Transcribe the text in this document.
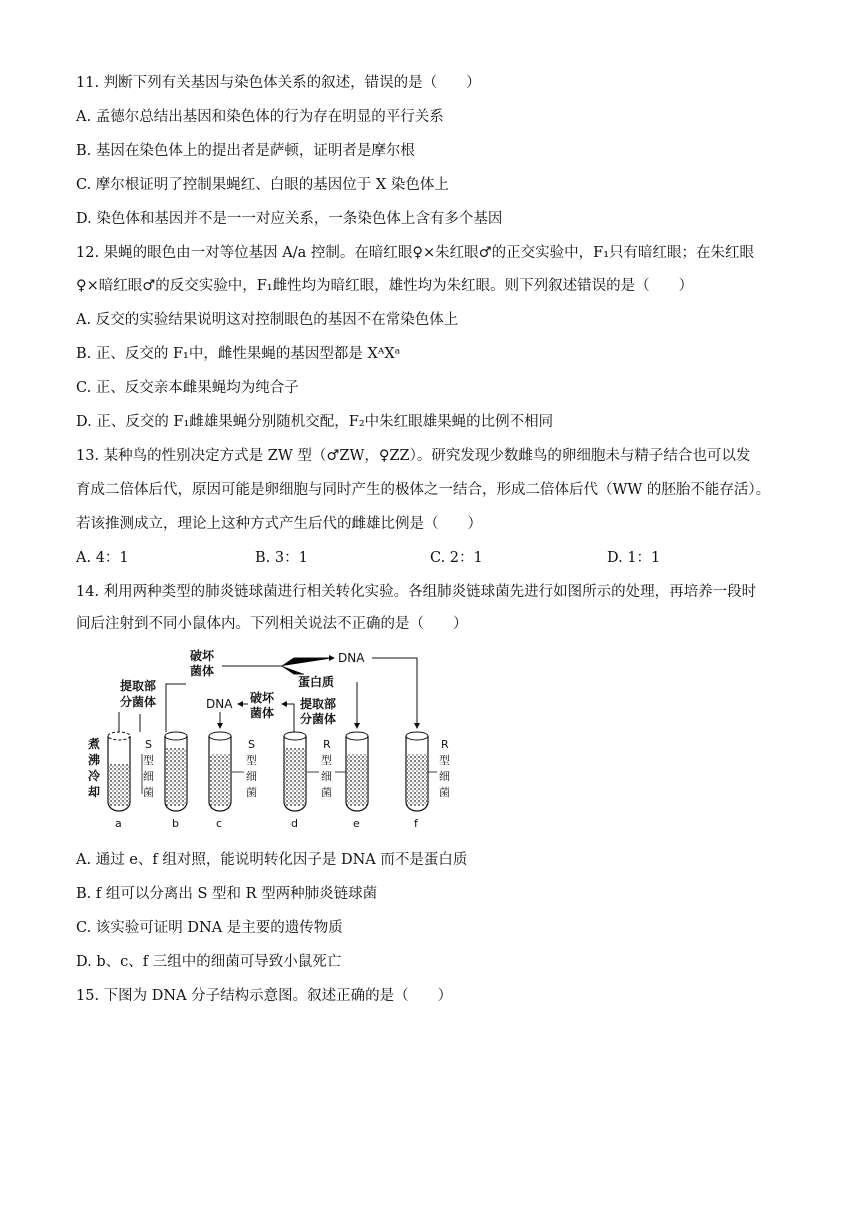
11. 判断下列有关基因与染色体关系的叙述，错误的是（　　）
A. 孟德尔总结出基因和染色体的行为存在明显的平行关系
B. 基因在染色体上的提出者是萨顿，证明者是摩尔根
C. 摩尔根证明了控制果蝇红、白眼的基因位于 X 染色体上
D. 染色体和基因并不是一一对应关系，一条染色体上含有多个基因
12. 果蝇的眼色由一对等位基因 A/a 控制。在暗红眼♀×朱红眼♂的正交实验中，F₁只有暗红眼；在朱红眼
♀×暗红眼♂的反交实验中，F₁雌性均为暗红眼，雄性均为朱红眼。则下列叙述错误的是（　　）
A. 反交的实验结果说明这对控制眼色的基因不在常染色体上
B. 正、反交的 F₁中，雌性果蝇的基因型都是 XᴬXᵃ
C. 正、反交亲本雌果蝇均为纯合子
D. 正、反交的 F₁雌雄果蝇分别随机交配，F₂中朱红眼雄果蝇的比例不相同
13. 某种鸟的性别决定方式是 ZW 型（♂ZW，♀ZZ）。研究发现少数雌鸟的卵细胞未与精子结合也可以发
育成二倍体后代，原因可能是卵细胞与同时产生的极体之一结合，形成二倍体后代（WW 的胚胎不能存活）。
若该推测成立，理论上这种方式产生后代的雌雄比例是（　　）
A. 4：1	B. 3：1	C. 2：1	D. 1：1
14. 利用两种类型的肺炎链球菌进行相关转化实验。各组肺炎链球菌先进行如图所示的处理，再培养一段时
间后注射到不同小鼠体内。下列相关说法不正确的是（　　）
煮
沸
冷
却
提取部
分菌体
破坏
菌体
DNA
蛋白质
DNA 破坏
菌体
提取部
分菌体
S
型
细
菌
S
型
细
菌
R
型
细
菌
R
型
细
菌
a	b	c	d	e	f
A. 通过 e、f 组对照，能说明转化因子是 DNA 而不是蛋白质
B. f 组可以分离出 S 型和 R 型两种肺炎链球菌
C. 该实验可证明 DNA 是主要的遗传物质
D. b、c、f 三组中的细菌可导致小鼠死亡
15. 下图为 DNA 分子结构示意图。叙述正确的是（　　）
